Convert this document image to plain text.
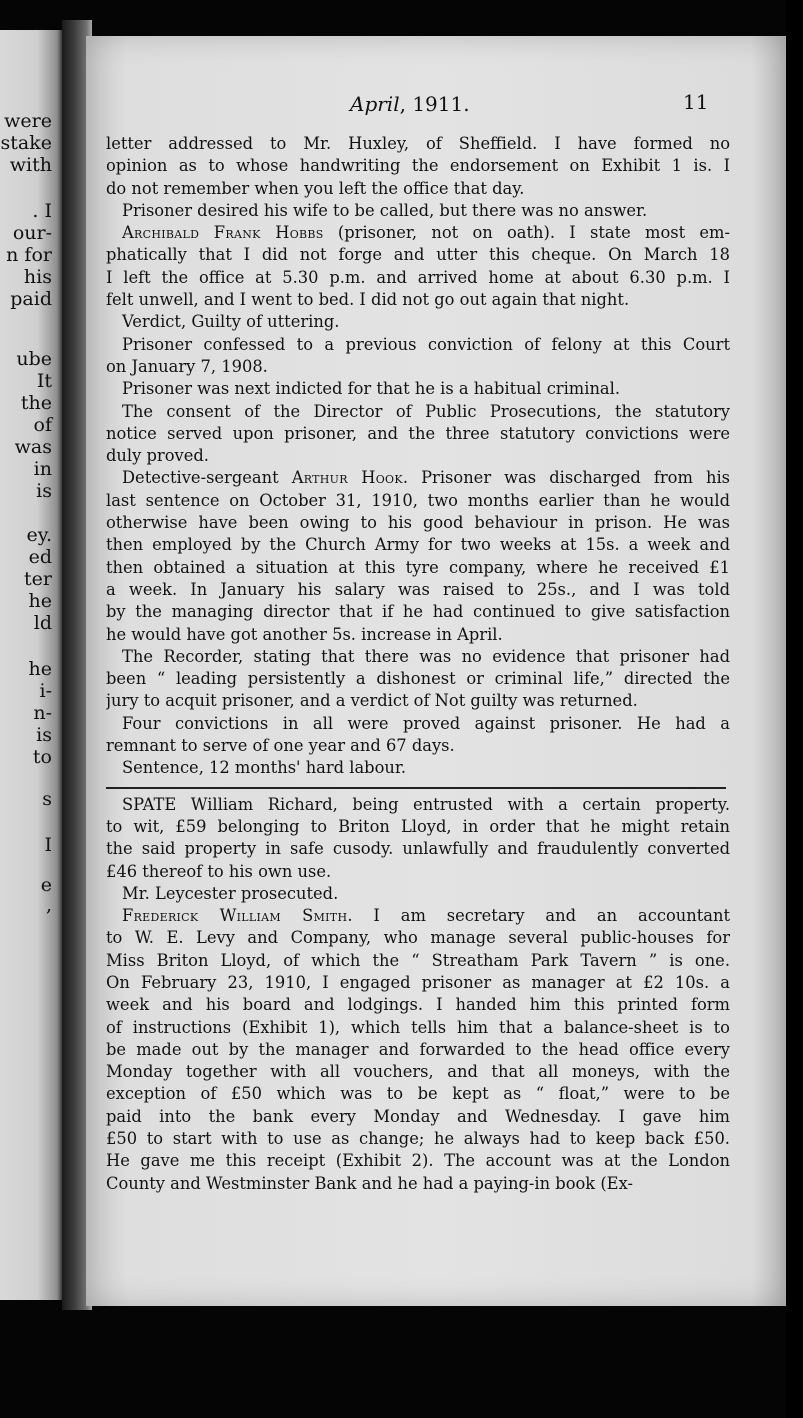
were
stake
with
. I
our-
n for
his
paid
ube
It
the
of
was
in
is
ey.
ed
ter
he
ld
he
i-
n-
is
to
s
I
e
,
April, 1911.	11
letter addressed to Mr. Huxley, of Sheffield. I have formed no
opinion as to whose handwriting the endorsement on Exhibit 1 is. I
do not remember when you left the office that day.
Prisoner desired his wife to be called, but there was no answer.
Archibald Frank Hobbs (prisoner, not on oath). I state most em-
phatically that I did not forge and utter this cheque. On March 18
I left the office at 5.30 p.m. and arrived home at about 6.30 p.m. I
felt unwell, and I went to bed. I did not go out again that night.
Verdict, Guilty of uttering.
Prisoner confessed to a previous conviction of felony at this Court
on January 7, 1908.
Prisoner was next indicted for that he is a habitual criminal.
The consent of the Director of Public Prosecutions, the statutory
notice served upon prisoner, and the three statutory convictions were
duly proved.
Detective-sergeant Arthur Hook. Prisoner was discharged from his
last sentence on October 31, 1910, two months earlier than he would
otherwise have been owing to his good behaviour in prison. He was
then employed by the Church Army for two weeks at 15s. a week and
then obtained a situation at this tyre company, where he received £1
a week. In January his salary was raised to 25s., and I was told
by the managing director that if he had continued to give satisfaction
he would have got another 5s. increase in April.
The Recorder, stating that there was no evidence that prisoner had
been “ leading persistently a dishonest or criminal life,” directed the
jury to acquit prisoner, and a verdict of Not guilty was returned.
Four convictions in all were proved against prisoner. He had a
remnant to serve of one year and 67 days.
Sentence, 12 months' hard labour.
SPATE William Richard, being entrusted with a certain property.
to wit, £59 belonging to Briton Lloyd, in order that he might retain
the said property in safe cusody. unlawfully and fraudulently converted
£46 thereof to his own use.
Mr. Leycester prosecuted.
Frederick William Smith. I am secretary and an accountant
to W. E. Levy and Company, who manage several public-houses for
Miss Briton Lloyd, of which the “ Streatham Park Tavern ” is one.
On February 23, 1910, I engaged prisoner as manager at £2 10s. a
week and his board and lodgings. I handed him this printed form
of instructions (Exhibit 1), which tells him that a balance-sheet is to
be made out by the manager and forwarded to the head office every
Monday together with all vouchers, and that all moneys, with the
exception of £50 which was to be kept as “ float,” were to be
paid into the bank every Monday and Wednesday. I gave him
£50 to start with to use as change; he always had to keep back £50.
He gave me this receipt (Exhibit 2). The account was at the London
County and Westminster Bank and he had a paying-in book (Ex-
